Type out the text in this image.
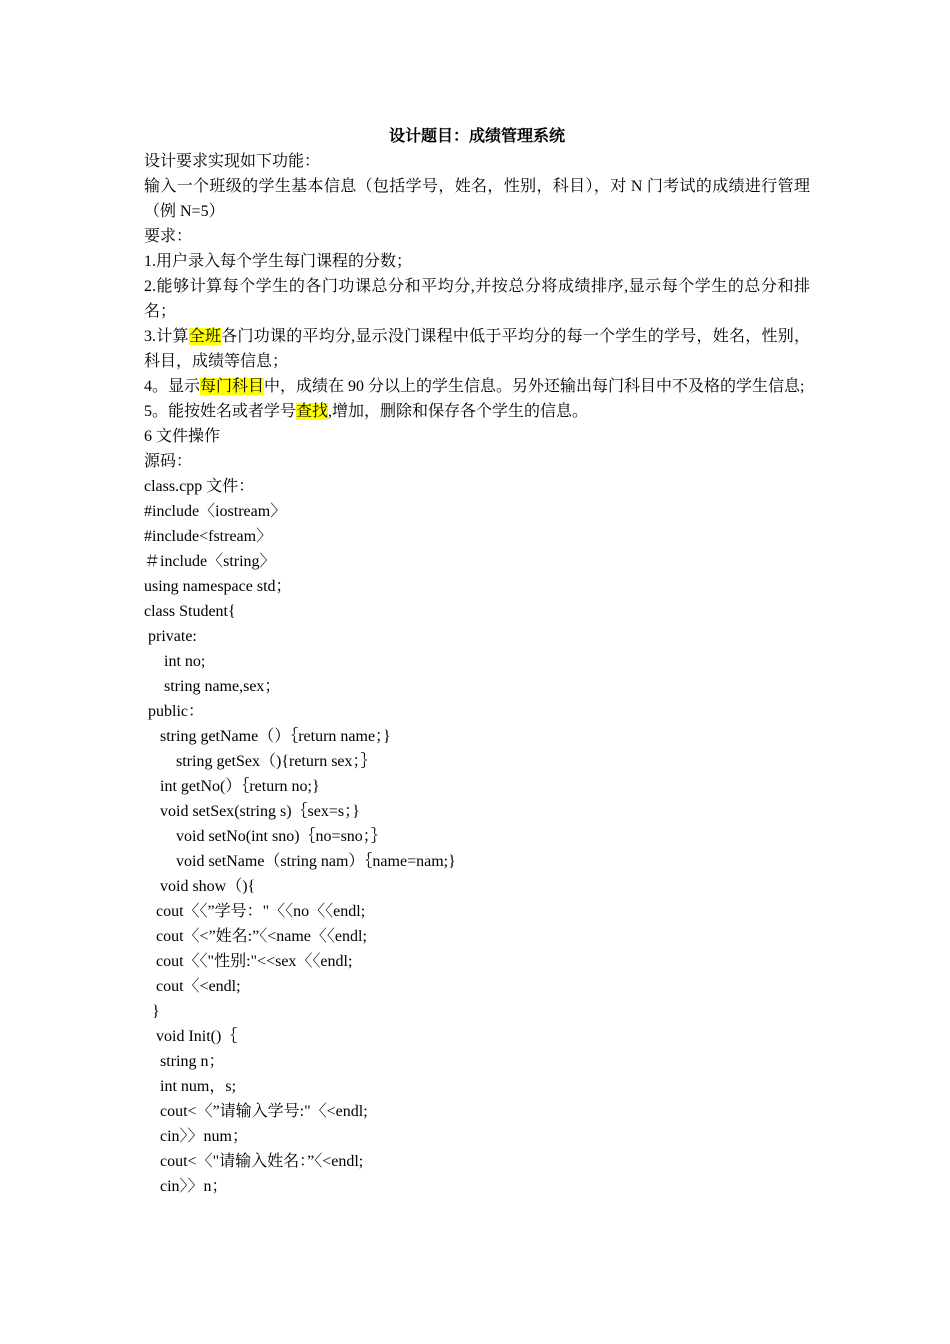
设计题目：成绩管理系统

设计要求实现如下功能：

输入一个班级的学生基本信息（包括学号，姓名，性别，科目），对 N 门考试的成绩进行管理（例 N=5）

要求：

1.用户录入每个学生每门课程的分数；

2.能够计算每个学生的各门功课总分和平均分,并按总分将成绩排序,显示每个学生的总分和排名；

3.计算全班各门功课的平均分,显示没门课程中低于平均分的每一个学生的学号，姓名，性别，科目，成绩等信息；

4。显示每门科目中，成绩在 90 分以上的学生信息。另外还输出每门科目中不及格的学生信息;

5。能按姓名或者学号查找,增加，删除和保存各个学生的信息。

6 文件操作

源码：

class.cpp 文件：

#include〈iostream〉

#include<fstream〉

＃include〈string〉

using namespace std；

class Student{

private:

int no;

string name,sex；

public：

string getName（）｛return name；}

string getSex（){return sex；｝

int getNo(）｛return no;}

void setSex(string s)｛sex=s；}

void setNo(int sno)｛no=sno；｝

void setName（string nam）｛name=nam;}

void show（){

cout〈〈”学号："〈〈no〈〈endl;

cout〈<”姓名:”〈<name〈〈endl;

cout〈〈"性别:"<<sex〈〈endl;

cout〈<endl;

}

void Init()｛

string n；

int num，s;

cout<〈”请输入学号:"〈<endl;

cin〉〉num；

cout<〈"请输入姓名：”〈<endl;

cin〉〉n；
